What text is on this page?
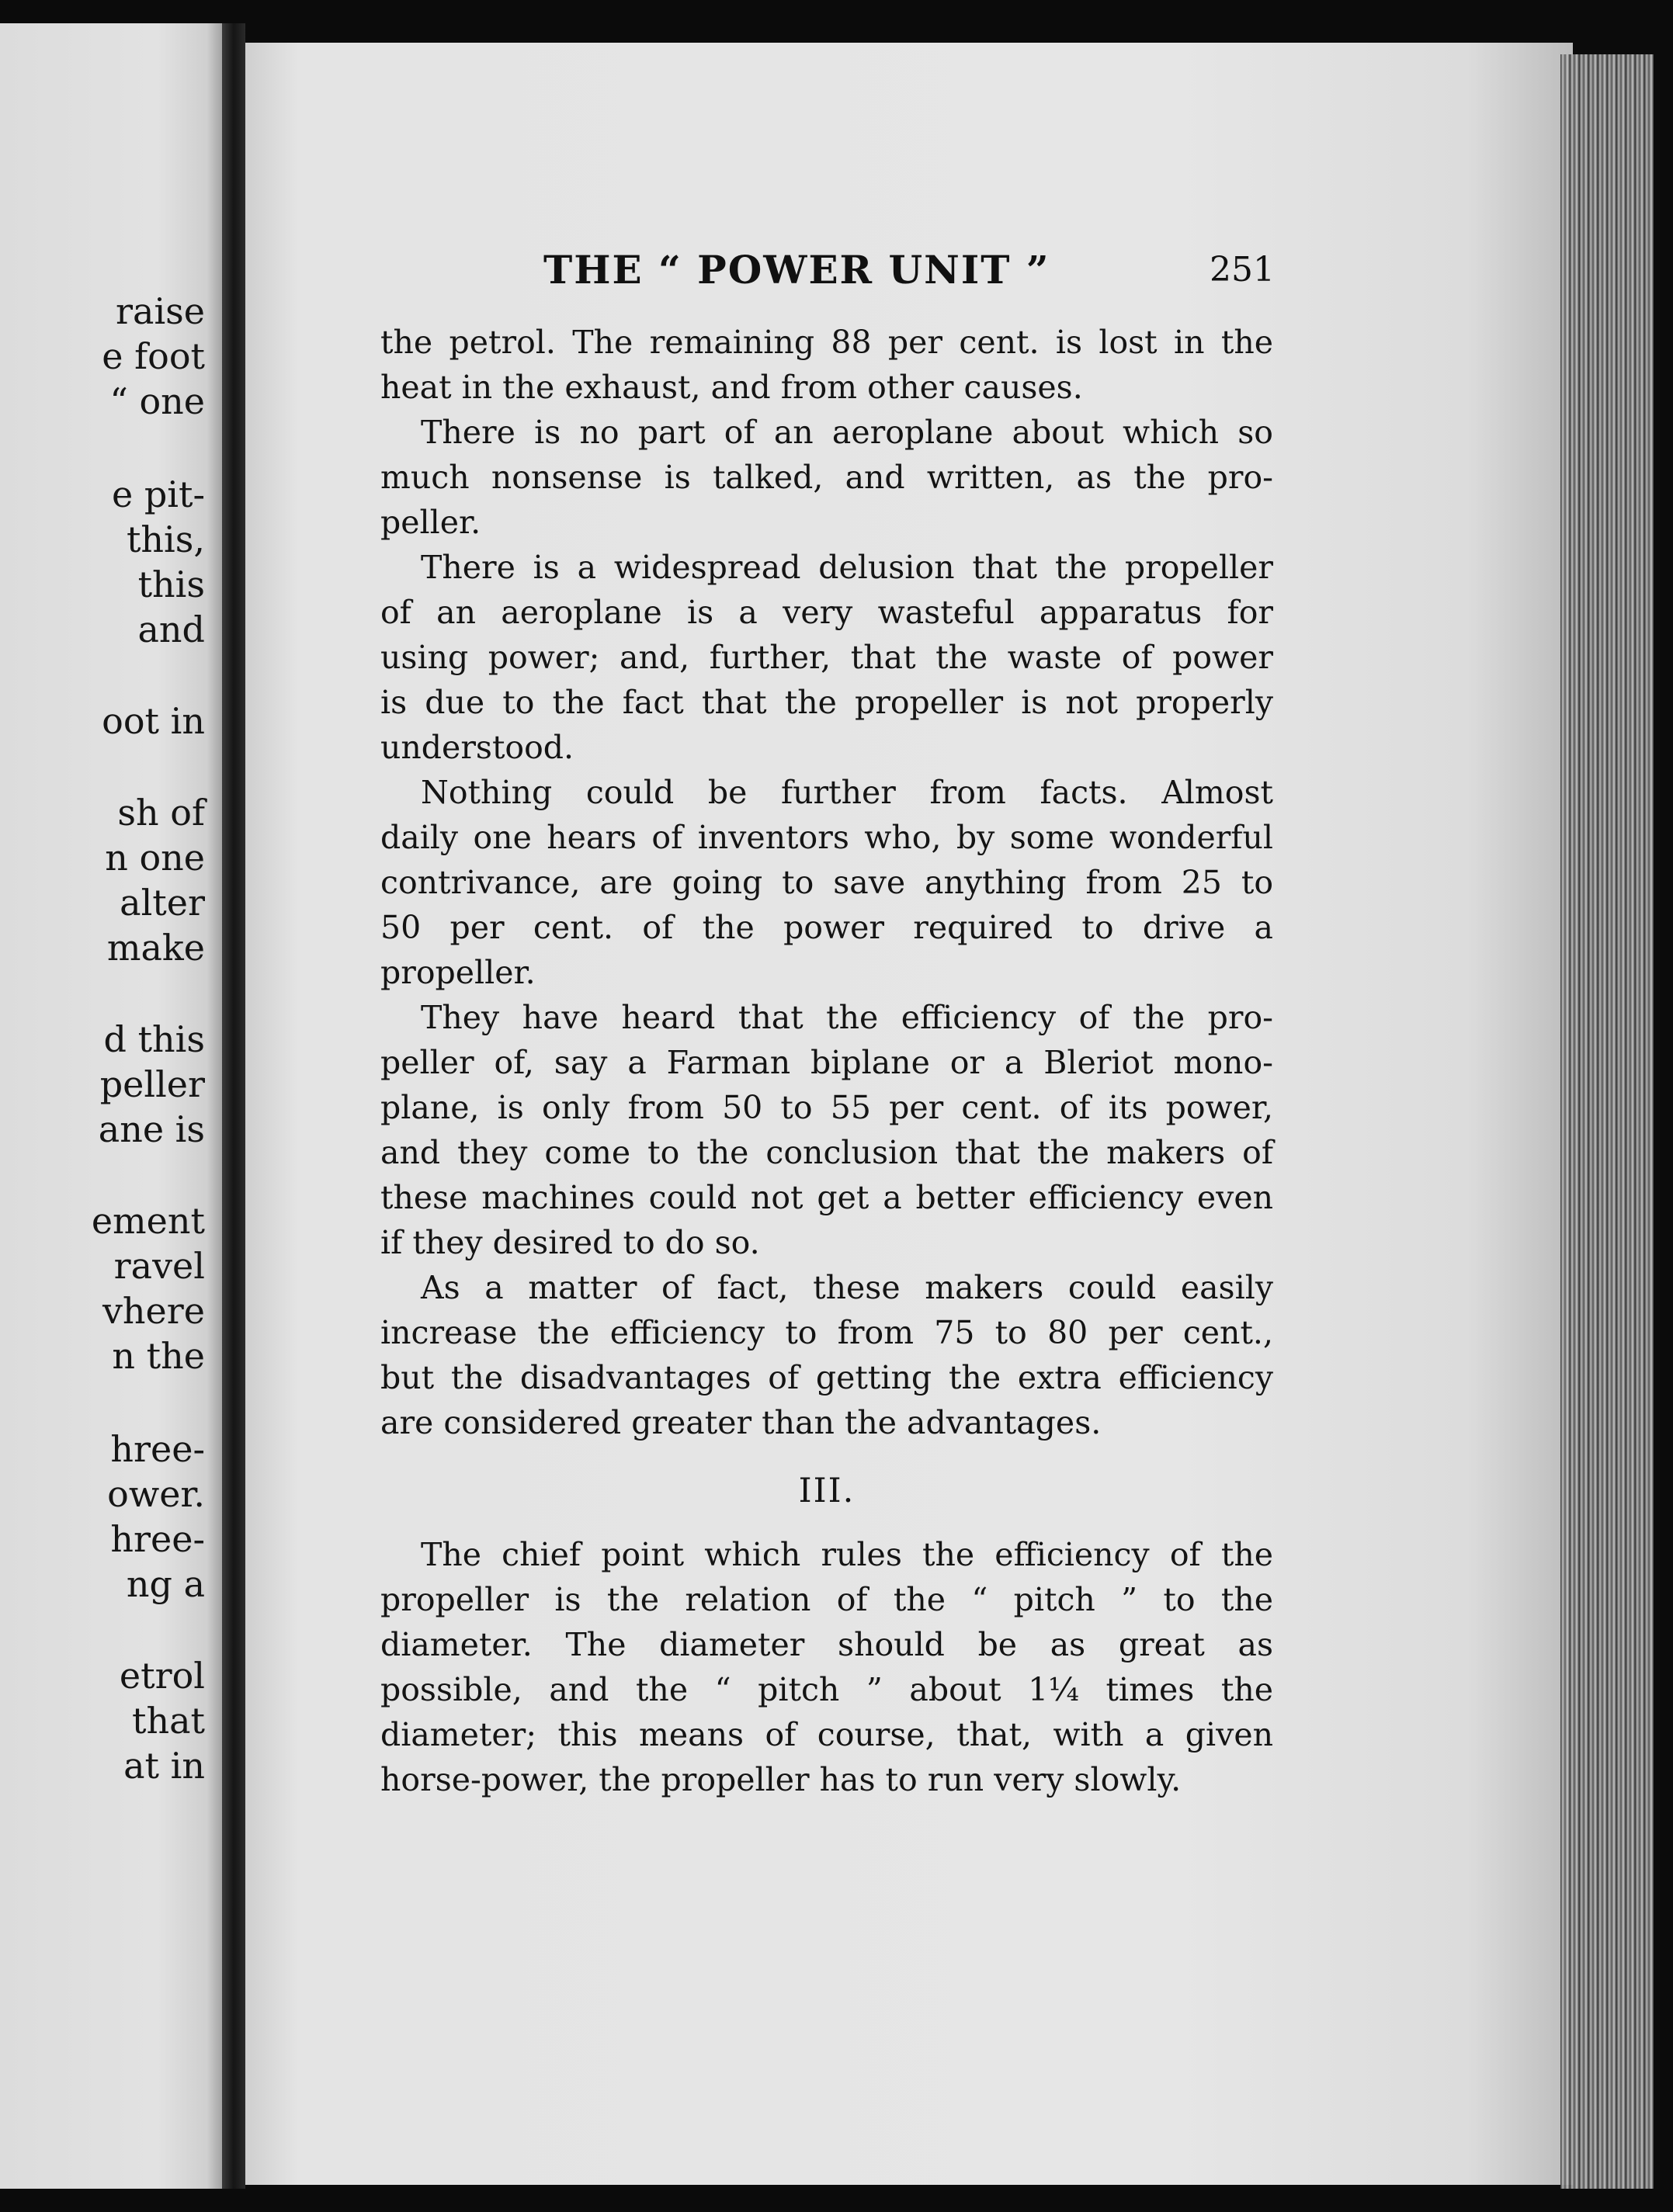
raise
e foot
“ one
e pit-
this,
this
and
oot in
sh of
n one
alter
make
d this
peller
ane is
ement
ravel
vhere
n the
hree-
ower.
hree-
ng a
etrol
that
at in
THE “ POWER UNIT ”	251
the petrol. The remaining 88 per cent. is lost in the
heat in the exhaust, and from other causes.
There is no part of an aeroplane about which so
much nonsense is talked, and written, as the pro-
peller.
There is a widespread delusion that the propeller
of an aeroplane is a very wasteful apparatus for
using power; and, further, that the waste of power
is due to the fact that the propeller is not properly
understood.
Nothing could be further from facts. Almost
daily one hears of inventors who, by some wonderful
contrivance, are going to save anything from 25 to
50 per cent. of the power required to drive a
propeller.
They have heard that the efficiency of the pro-
peller of, say a Farman biplane or a Bleriot mono-
plane, is only from 50 to 55 per cent. of its power,
and they come to the conclusion that the makers of
these machines could not get a better efficiency even
if they desired to do so.
As a matter of fact, these makers could easily
increase the efficiency to from 75 to 80 per cent.,
but the disadvantages of getting the extra efficiency
are considered greater than the advantages.
III.
The chief point which rules the efficiency of the
propeller is the relation of the “ pitch ” to the
diameter. The diameter should be as great as
possible, and the “ pitch ” about 1¼ times the
diameter; this means of course, that, with a given
horse-power, the propeller has to run very slowly.
